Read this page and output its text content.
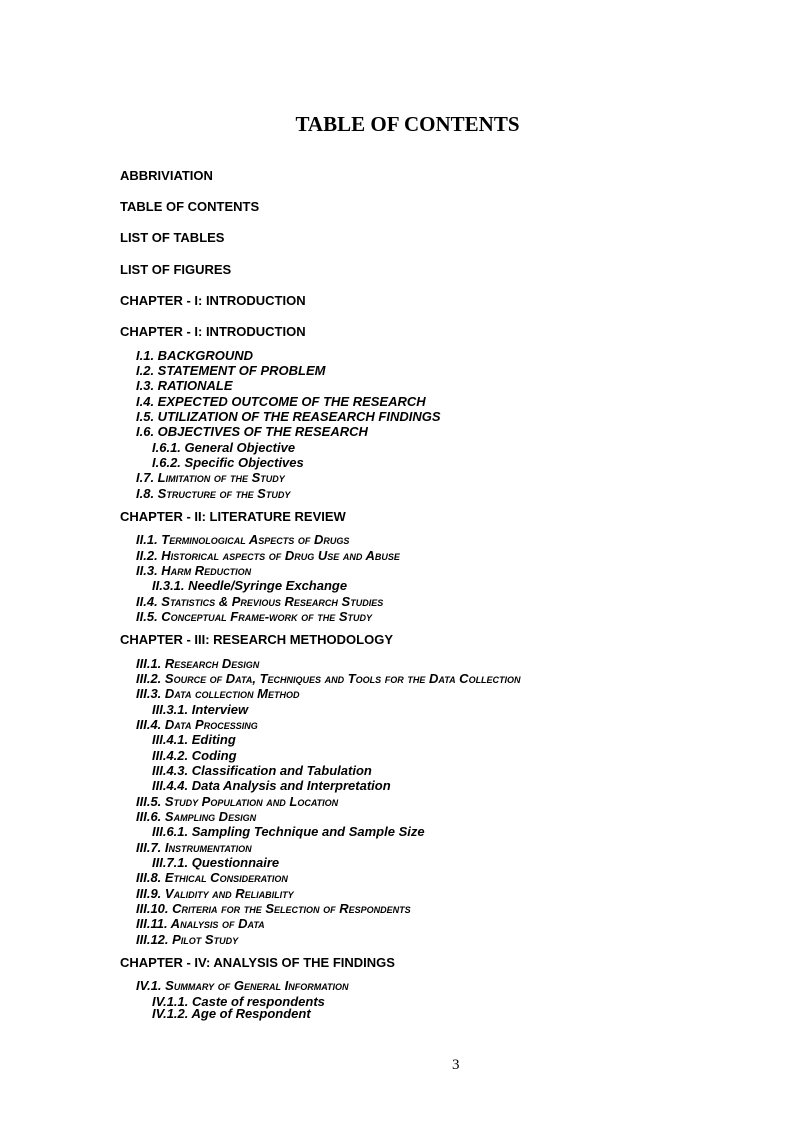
TABLE OF CONTENTS
ABBRIVIATION
TABLE OF CONTENTS
LIST OF TABLES
LIST OF FIGURES
CHAPTER - I: INTRODUCTION
CHAPTER - I: INTRODUCTION
I.1. BACKGROUND
I.2. STATEMENT OF PROBLEM
I.3. RATIONALE
I.4. EXPECTED OUTCOME OF THE RESEARCH
I.5. UTILIZATION OF THE REASEARCH FINDINGS
I.6. OBJECTIVES OF THE RESEARCH
I.6.1. General Objective
I.6.2. Specific Objectives
I.7. Limitation of the Study
I.8. Structure of the Study
CHAPTER - II: LITERATURE REVIEW
II.1. Terminological Aspects of Drugs
II.2. Historical aspects of Drug Use and Abuse
II.3. Harm Reduction
II.3.1. Needle/Syringe Exchange
II.4. Statistics & Previous Research Studies
II.5. Conceptual Frame-work of the Study
CHAPTER - III: RESEARCH METHODOLOGY
III.1. Research Design
III.2. Source of Data, Techniques and Tools for the Data Collection
III.3. Data collection Method
III.3.1. Interview
III.4. Data Processing
III.4.1. Editing
III.4.2. Coding
III.4.3. Classification and Tabulation
III.4.4. Data Analysis and Interpretation
III.5. Study Population and Location
III.6. Sampling Design
III.6.1. Sampling Technique and Sample Size
III.7. Instrumentation
III.7.1. Questionnaire
III.8. Ethical Consideration
III.9. Validity and Reliability
III.10. Criteria for the Selection of Respondents
III.11. Analysis of Data
III.12. Pilot Study
CHAPTER - IV: ANALYSIS OF THE FINDINGS
IV.1. Summary of General Information
IV.1.1. Caste of respondents
IV.1.2. Age of Respondent
3
